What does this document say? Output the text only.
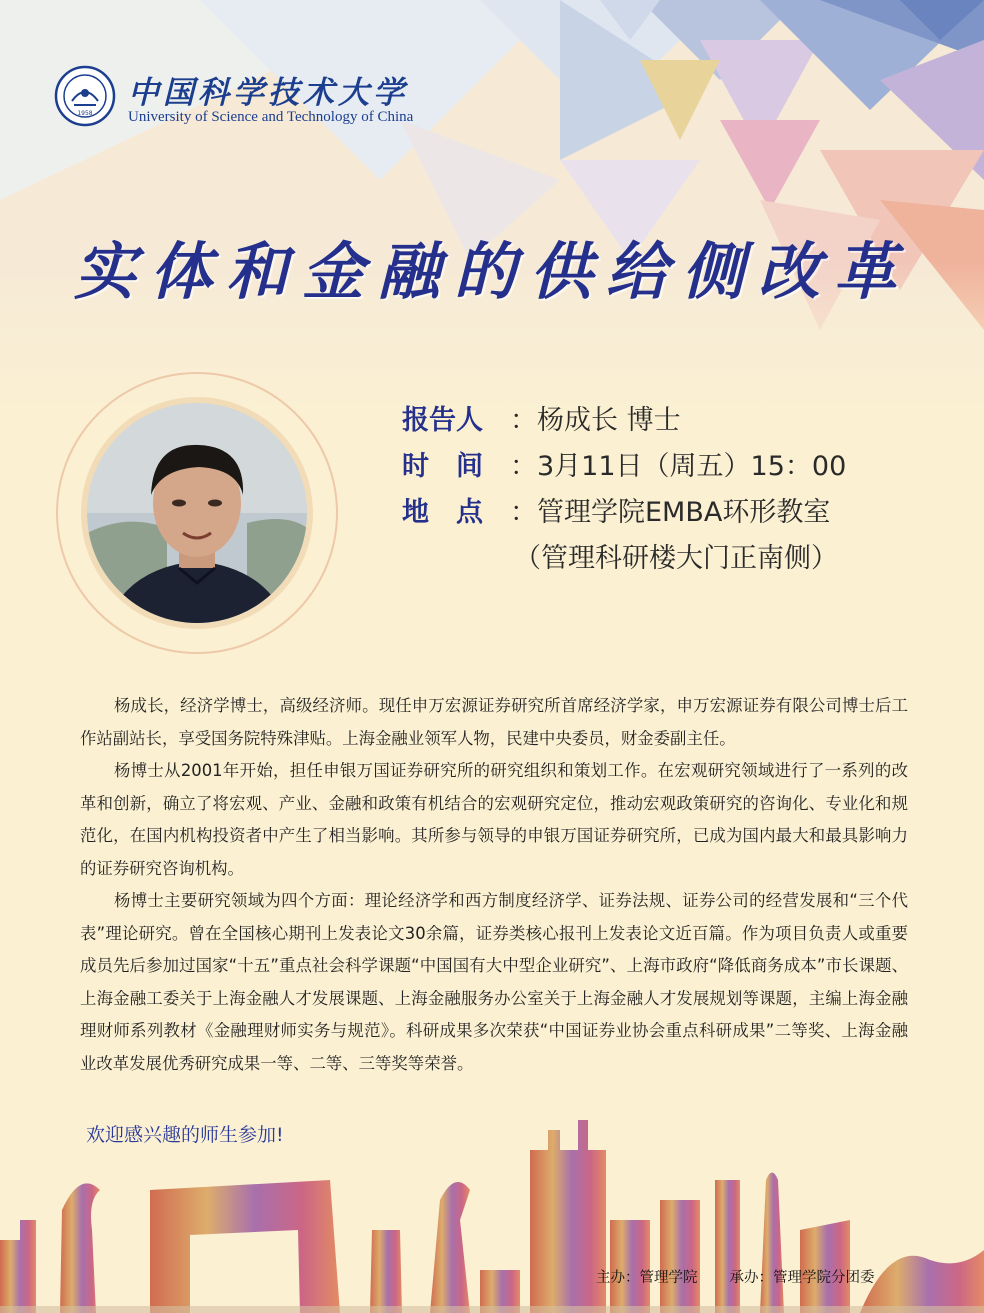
1958
中国科学技术大学
University of Science and Technology of China
实体和金融的供给侧改革
报告人 ：杨成长 博士
时　间 ：3月11日（周五）15：00
地　点 ：管理学院EMBA环形教室
（管理科研楼大门正南侧）

杨成长，经济学博士，高级经济师。现任申万宏源证券研究所首席经济学家，申万宏源证券有限公司博士后工作站副站长，享受国务院特殊津贴。上海金融业领军人物，民建中央委员，财金委副主任。

杨博士从2001年开始，担任申银万国证券研究所的研究组织和策划工作。在宏观研究领域进行了一系列的改革和创新，确立了将宏观、产业、金融和政策有机结合的宏观研究定位，推动宏观政策研究的咨询化、专业化和规范化，在国内机构投资者中产生了相当影响。其所参与领导的申银万国证券研究所，已成为国内最大和最具影响力的证券研究咨询机构。

杨博士主要研究领域为四个方面：理论经济学和西方制度经济学、证券法规、证券公司的经营发展和“三个代表”理论研究。曾在全国核心期刊上发表论文30余篇，证券类核心报刊上发表论文近百篇。作为项目负责人或重要成员先后参加过国家“十五”重点社会科学课题“中国国有大中型企业研究”、上海市政府“降低商务成本”市长课题、上海金融工委关于上海金融人才发展课题、上海金融服务办公室关于上海金融人才发展规划等课题，主编上海金融理财师系列教材《金融理财师实务与规范》。科研成果多次荣获“中国证券业协会重点科研成果”二等奖、上海金融业改革发展优秀研究成果一等、二等、三等奖等荣誉。

欢迎感兴趣的师生参加!
主办：管理学院 承办：管理学院分团委
